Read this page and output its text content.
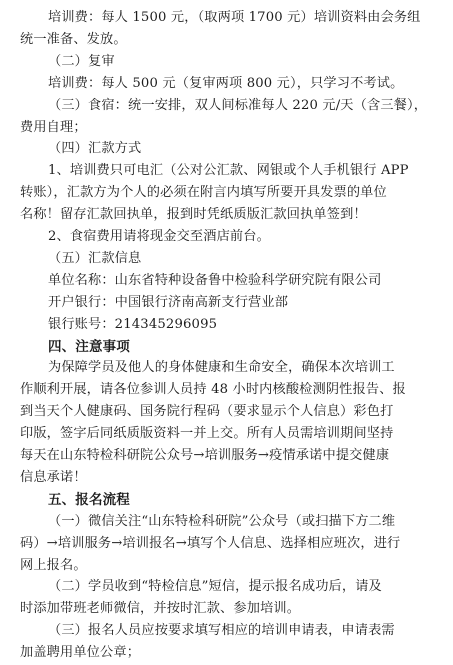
培训费：每人 1500 元，（取两项 1700 元）培训资料由会务组
统一准备、发放。
（二）复审
培训费：每人 500 元（复审两项 800 元），只学习不考试。
（三）食宿：统一安排，双人间标准每人 220 元/天（含三餐），
费用自理；
（四）汇款方式
1、培训费只可电汇（公对公汇款、网银或个人手机银行 APP
转账），汇款方为个人的必须在附言内填写所要开具发票的单位
名称！留存汇款回执单，报到时凭纸质版汇款回执单签到！
2、食宿费用请将现金交至酒店前台。
（五）汇款信息
单位名称：山东省特种设备鲁中检验科学研究院有限公司
开户银行：中国银行济南高新支行营业部
银行账号：214345296095
四、注意事项
为保障学员及他人的身体健康和生命安全，确保本次培训工
作顺利开展，请各位参训人员持 48 小时内核酸检测阴性报告、报
到当天个人健康码、国务院行程码（要求显示个人信息）彩色打
印版，签字后同纸质版资料一并上交。所有人员需培训期间坚持
每天在山东特检科研院公众号→培训服务→疫情承诺中提交健康
信息承诺！
五、报名流程
（一）微信关注“山东特检科研院”公众号（或扫描下方二维
码）→培训服务→培训报名→填写个人信息、选择相应班次，进行
网上报名。
（二）学员收到“特检信息”短信，提示报名成功后，请及
时添加带班老师微信，并按时汇款、参加培训。
（三）报名人员应按要求填写相应的培训申请表，申请表需
加盖聘用单位公章；
